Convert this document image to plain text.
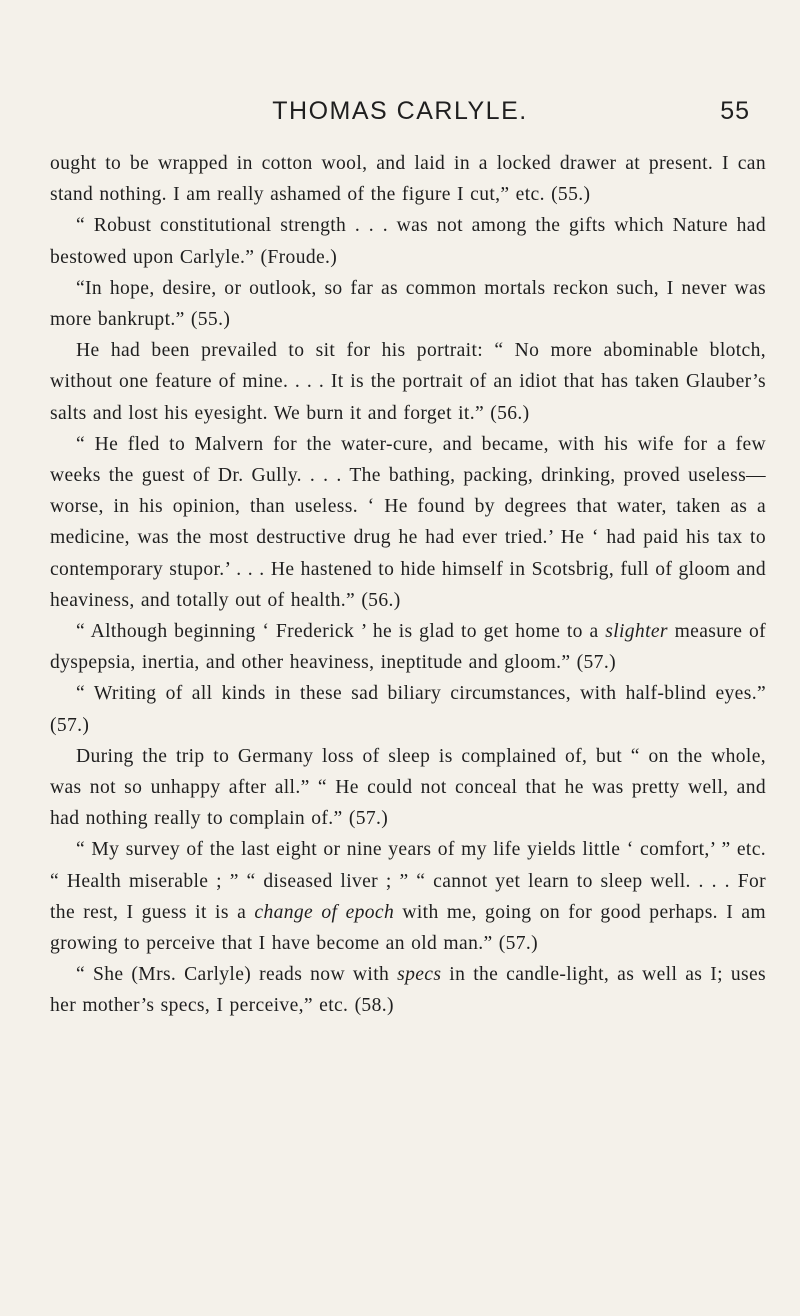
THOMAS CARLYLE.	55

ought to be wrapped in cotton wool, and laid in a locked drawer at present. I can stand nothing. I am really ashamed of the figure I cut,” etc. (55.)

“ Robust constitutional strength . . . was not among the gifts which Nature had bestowed upon Carlyle.” (Froude.)

“In hope, desire, or outlook, so far as common mortals reckon such, I never was more bankrupt.” (55.)

He had been prevailed to sit for his portrait: “ No more abominable blotch, without one feature of mine. . . . It is the portrait of an idiot that has taken Glauber’s salts and lost his eyesight. We burn it and forget it.” (56.)

“ He fled to Malvern for the water-cure, and became, with his wife for a few weeks the guest of Dr. Gully. . . . The bathing, packing, drinking, proved useless—worse, in his opinion, than useless. ‘ He found by degrees that water, taken as a medicine, was the most destructive drug he had ever tried.’ He ‘ had paid his tax to contemporary stupor.’ . . . He hastened to hide himself in Scotsbrig, full of gloom and heaviness, and totally out of health.” (56.)

“ Although beginning ‘ Frederick ’ he is glad to get home to a slighter measure of dyspepsia, inertia, and other heaviness, ineptitude and gloom.” (57.)

“ Writing of all kinds in these sad biliary circumstances, with half-blind eyes.” (57.)

During the trip to Germany loss of sleep is complained of, but “ on the whole, was not so unhappy after all.” “ He could not conceal that he was pretty well, and had nothing really to complain of.” (57.)

“ My survey of the last eight or nine years of my life yields little ‘ comfort,’ ” etc. “ Health miserable ; ” “ diseased liver ; ” “ cannot yet learn to sleep well. . . . For the rest, I guess it is a change of epoch with me, going on for good perhaps. I am growing to perceive that I have become an old man.” (57.)

“ She (Mrs. Carlyle) reads now with specs in the candle-light, as well as I; uses her mother’s specs, I perceive,” etc. (58.)
